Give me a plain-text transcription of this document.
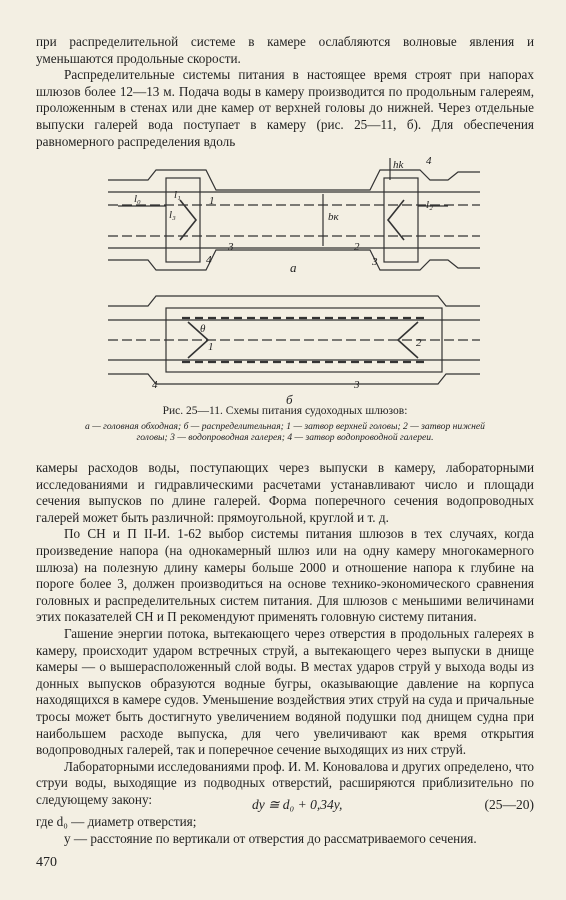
при распределительной системе в камере ослабляются волновые явления и уменьшаются продольные скорости.

Распределительные системы питания в настоящее время строят при напорах шлюзов более 12—13 м. Подача воды в камеру производится по продольным галереям, проложенным в стенах или дне камер от верхней головы до нижней. Через отдельные выпуски галерей вода поступает в камеру (рис. 25—11, б). Для обеспечения равномерного распределения вдоль

l₀	l₁	1
l₃	bк
hk 4
l₂
3
4
2
3
а
θ
1	2
4	3
б
Рис. 25—11. Схемы питания судоходных шлюзов:
а — головная обходная; б — распределительная; 1 — затвор верхней головы; 2 — затвор нижней головы; 3 — водопроводная галерея; 4 — затвор водопроводной галереи.

камеры расходов воды, поступающих через выпуски в камеру, лабораторными исследованиями и гидравлическими расчетами устанавливают число и площади сечения выпусков по длине галерей. Форма поперечного сечения водопроводных галерей может быть различной: прямоугольной, круглой и т. д.

По СН и П II-И. 1-62 выбор системы питания шлюзов в тех случаях, когда произведение напора (на однокамерный шлюз или на одну камеру многокамерного шлюза) на полезную длину камеры больше 2000 и отношение напора к глубине на пороге более 3, должен производиться на основе технико-экономического сравнения головных и распределительных систем питания. Для шлюзов с меньшими величинами этих показателей СН и П рекомендуют применять головную систему питания.

Гашение энергии потока, вытекающего через отверстия в продольных галереях в камеру, происходит ударом встречных струй, а вытекающего через выпуски в днище камеры — о вышерасположенный слой воды. В местах ударов струй у выхода воды из донных выпусков образуются водные бугры, оказывающие давление на корпуса находящихся в камере судов. Уменьшение воздействия этих струй на суда и причальные тросы может быть достигнуто увеличением водяной подушки под днищем судна при наибольшем расходе выпуска, для чего увеличивают как время открытия водопроводных галерей, так и поперечное сечение выходящих из них струй.

Лабораторными исследованиями проф. И. М. Коновалова и других определено, что струи воды, выходящие из подводных отверстий, расширяются приблизительно по следующему закону:	dy ≅ d₀ + 0,34y,	(25—20)

где d₀ — диаметр отверстия;

y — расстояние по вертикали от отверстия до рассматриваемого сечения.

470
